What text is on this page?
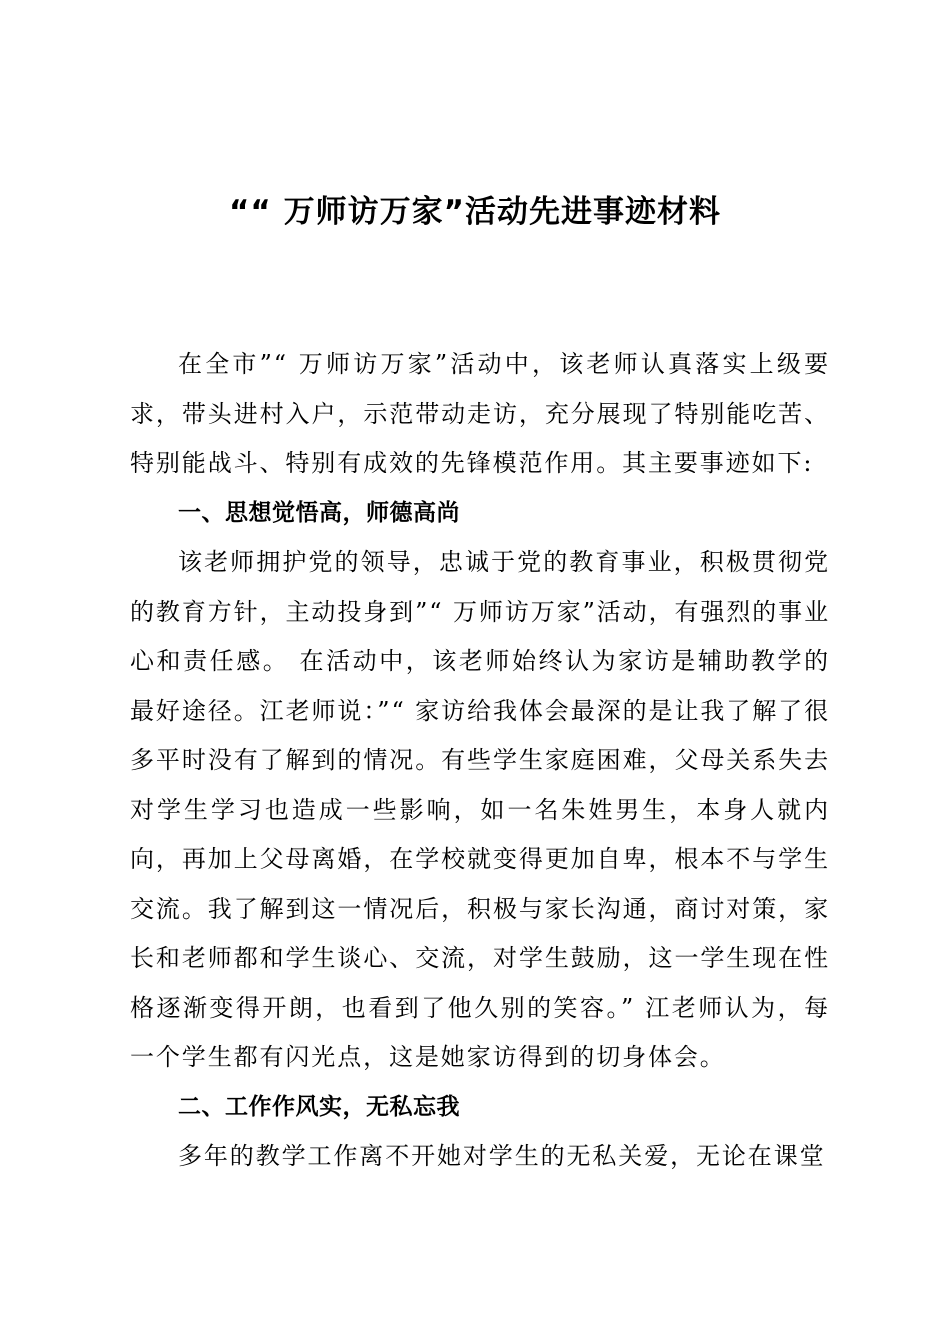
““ 万师访万家”活动先进事迹材料

在全市”“ 万师访万家”活动中，该老师认真落实上级要求，带头进村入户，示范带动走访，充分展现了特别能吃苦、特别能战斗、特别有成效的先锋模范作用。其主要事迹如下:

一、思想觉悟高，师德高尚

该老师拥护党的领导，忠诚于党的教育事业，积极贯彻党的教育方针，主动投身到”“ 万师访万家”活动，有强烈的事业心和责任感。 在活动中，该老师始终认为家访是辅助教学的最好途径。江老师说：”“ 家访给我体会最深的是让我了解了很多平时没有了解到的情况。有些学生家庭困难，父母关系失去对学生学习也造成一些影响，如一名朱姓男生，本身人就内向，再加上父母离婚，在学校就变得更加自卑，根本不与学生交流。我了解到这一情况后，积极与家长沟通，商讨对策，家长和老师都和学生谈心、交流，对学生鼓励，这一学生现在性格逐渐变得开朗，也看到了他久别的笑容。” 江老师认为，每一个学生都有闪光点，这是她家访得到的切身体会。

二、工作作风实，无私忘我

多年的教学工作离不开她对学生的无私关爱，无论在课堂
